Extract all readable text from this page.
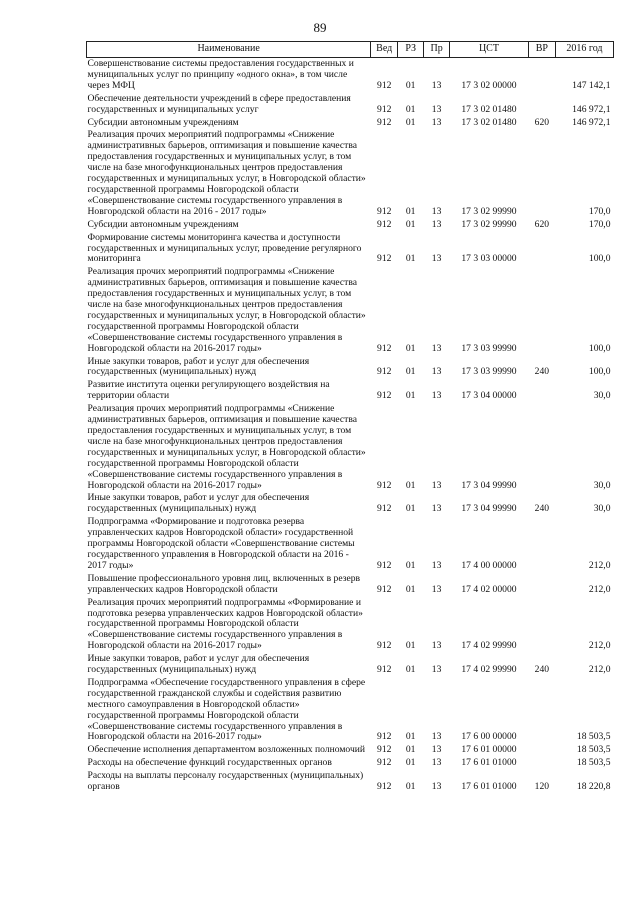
89
Наименование	Вед	РЗ	Пр	ЦСТ	ВР	2016 год
Совершенствование системы предоставления государственных и муниципальных услуг по принципу «одного окна», в том числе через МФЦ	912	01	13	17 3 02 00000		147 142,1
Обеспечение деятельности учреждений в сфере предоставления государственных и муниципальных услуг	912	01	13	17 3 02 01480		146 972,1
Субсидии автономным учреждениям	912	01	13	17 3 02 01480	620	146 972,1
Реализация прочих мероприятий подпрограммы «Снижение административных барьеров, оптимизация и повышение качества предоставления государственных и муниципальных услуг, в том числе на базе многофункциональных центров предоставления государственных и муниципальных услуг, в Новгородской области» государственной программы Новгородской области «Совершенствование системы государственного управления в Новгородской области на 2016 - 2017 годы»	912	01	13	17 3 02 99990		170,0
Субсидии автономным учреждениям	912	01	13	17 3 02 99990	620	170,0
Формирование системы мониторинга качества и доступности государственных и муниципальных услуг, проведение регулярного мониторинга	912	01	13	17 3 03 00000		100,0
Реализация прочих мероприятий подпрограммы «Снижение административных барьеров, оптимизация и повышение качества предоставления государственных и муниципальных услуг, в том числе на базе многофункциональных центров предоставления государственных и муниципальных услуг, в Новгородской области» государственной программы Новгородской области «Совершенствование системы государственного управления в Новгородской области на 2016-2017 годы»	912	01	13	17 3 03 99990		100,0
Иные закупки товаров, работ и услуг для обеспечения государственных (муниципальных) нужд	912	01	13	17 3 03 99990	240	100,0
Развитие института оценки регулирующего воздействия на территории области	912	01	13	17 3 04 00000		30,0
Реализация прочих мероприятий подпрограммы «Снижение административных барьеров, оптимизация и повышение качества предоставления государственных и муниципальных услуг, в том числе на базе многофункциональных центров предоставления государственных и муниципальных услуг, в Новгородской области» государственной программы Новгородской области «Совершенствование системы государственного управления в Новгородской области на 2016-2017 годы»	912	01	13	17 3 04 99990		30,0
Иные закупки товаров, работ и услуг для обеспечения государственных (муниципальных) нужд	912	01	13	17 3 04 99990	240	30,0
Подпрограмма «Формирование и подготовка резерва управленческих кадров Новгородской области» государственной программы Новгородской области «Совершенствование системы государственного управления в Новгородской области на 2016 - 2017 годы»	912	01	13	17 4 00 00000		212,0
Повышение профессионального уровня лиц, включенных в резерв управленческих кадров Новгородской области	912	01	13	17 4 02 00000		212,0
Реализация прочих мероприятий подпрограммы «Формирование и подготовка резерва управленческих кадров Новгородской области» государственной программы Новгородской области «Совершенствование системы государственного управления в Новгородской области на 2016-2017 годы»	912	01	13	17 4 02 99990		212,0
Иные закупки товаров, работ и услуг для обеспечения государственных (муниципальных) нужд	912	01	13	17 4 02 99990	240	212,0
Подпрограмма «Обеспечение государственного управления в сфере государственной гражданской службы и содействия развитию местного самоуправления в Новгородской области» государственной программы Новгородской области «Совершенствование системы государственного управления в Новгородской области на 2016-2017 годы»	912	01	13	17 6 00 00000		18 503,5
Обеспечение исполнения департаментом возложенных полномочий	912	01	13	17 6 01 00000		18 503,5
Расходы на обеспечение функций государственных органов	912	01	13	17 6 01 01000		18 503,5
Расходы на выплаты персоналу государственных (муниципальных) органов	912	01	13	17 6 01 01000	120	18 220,8
